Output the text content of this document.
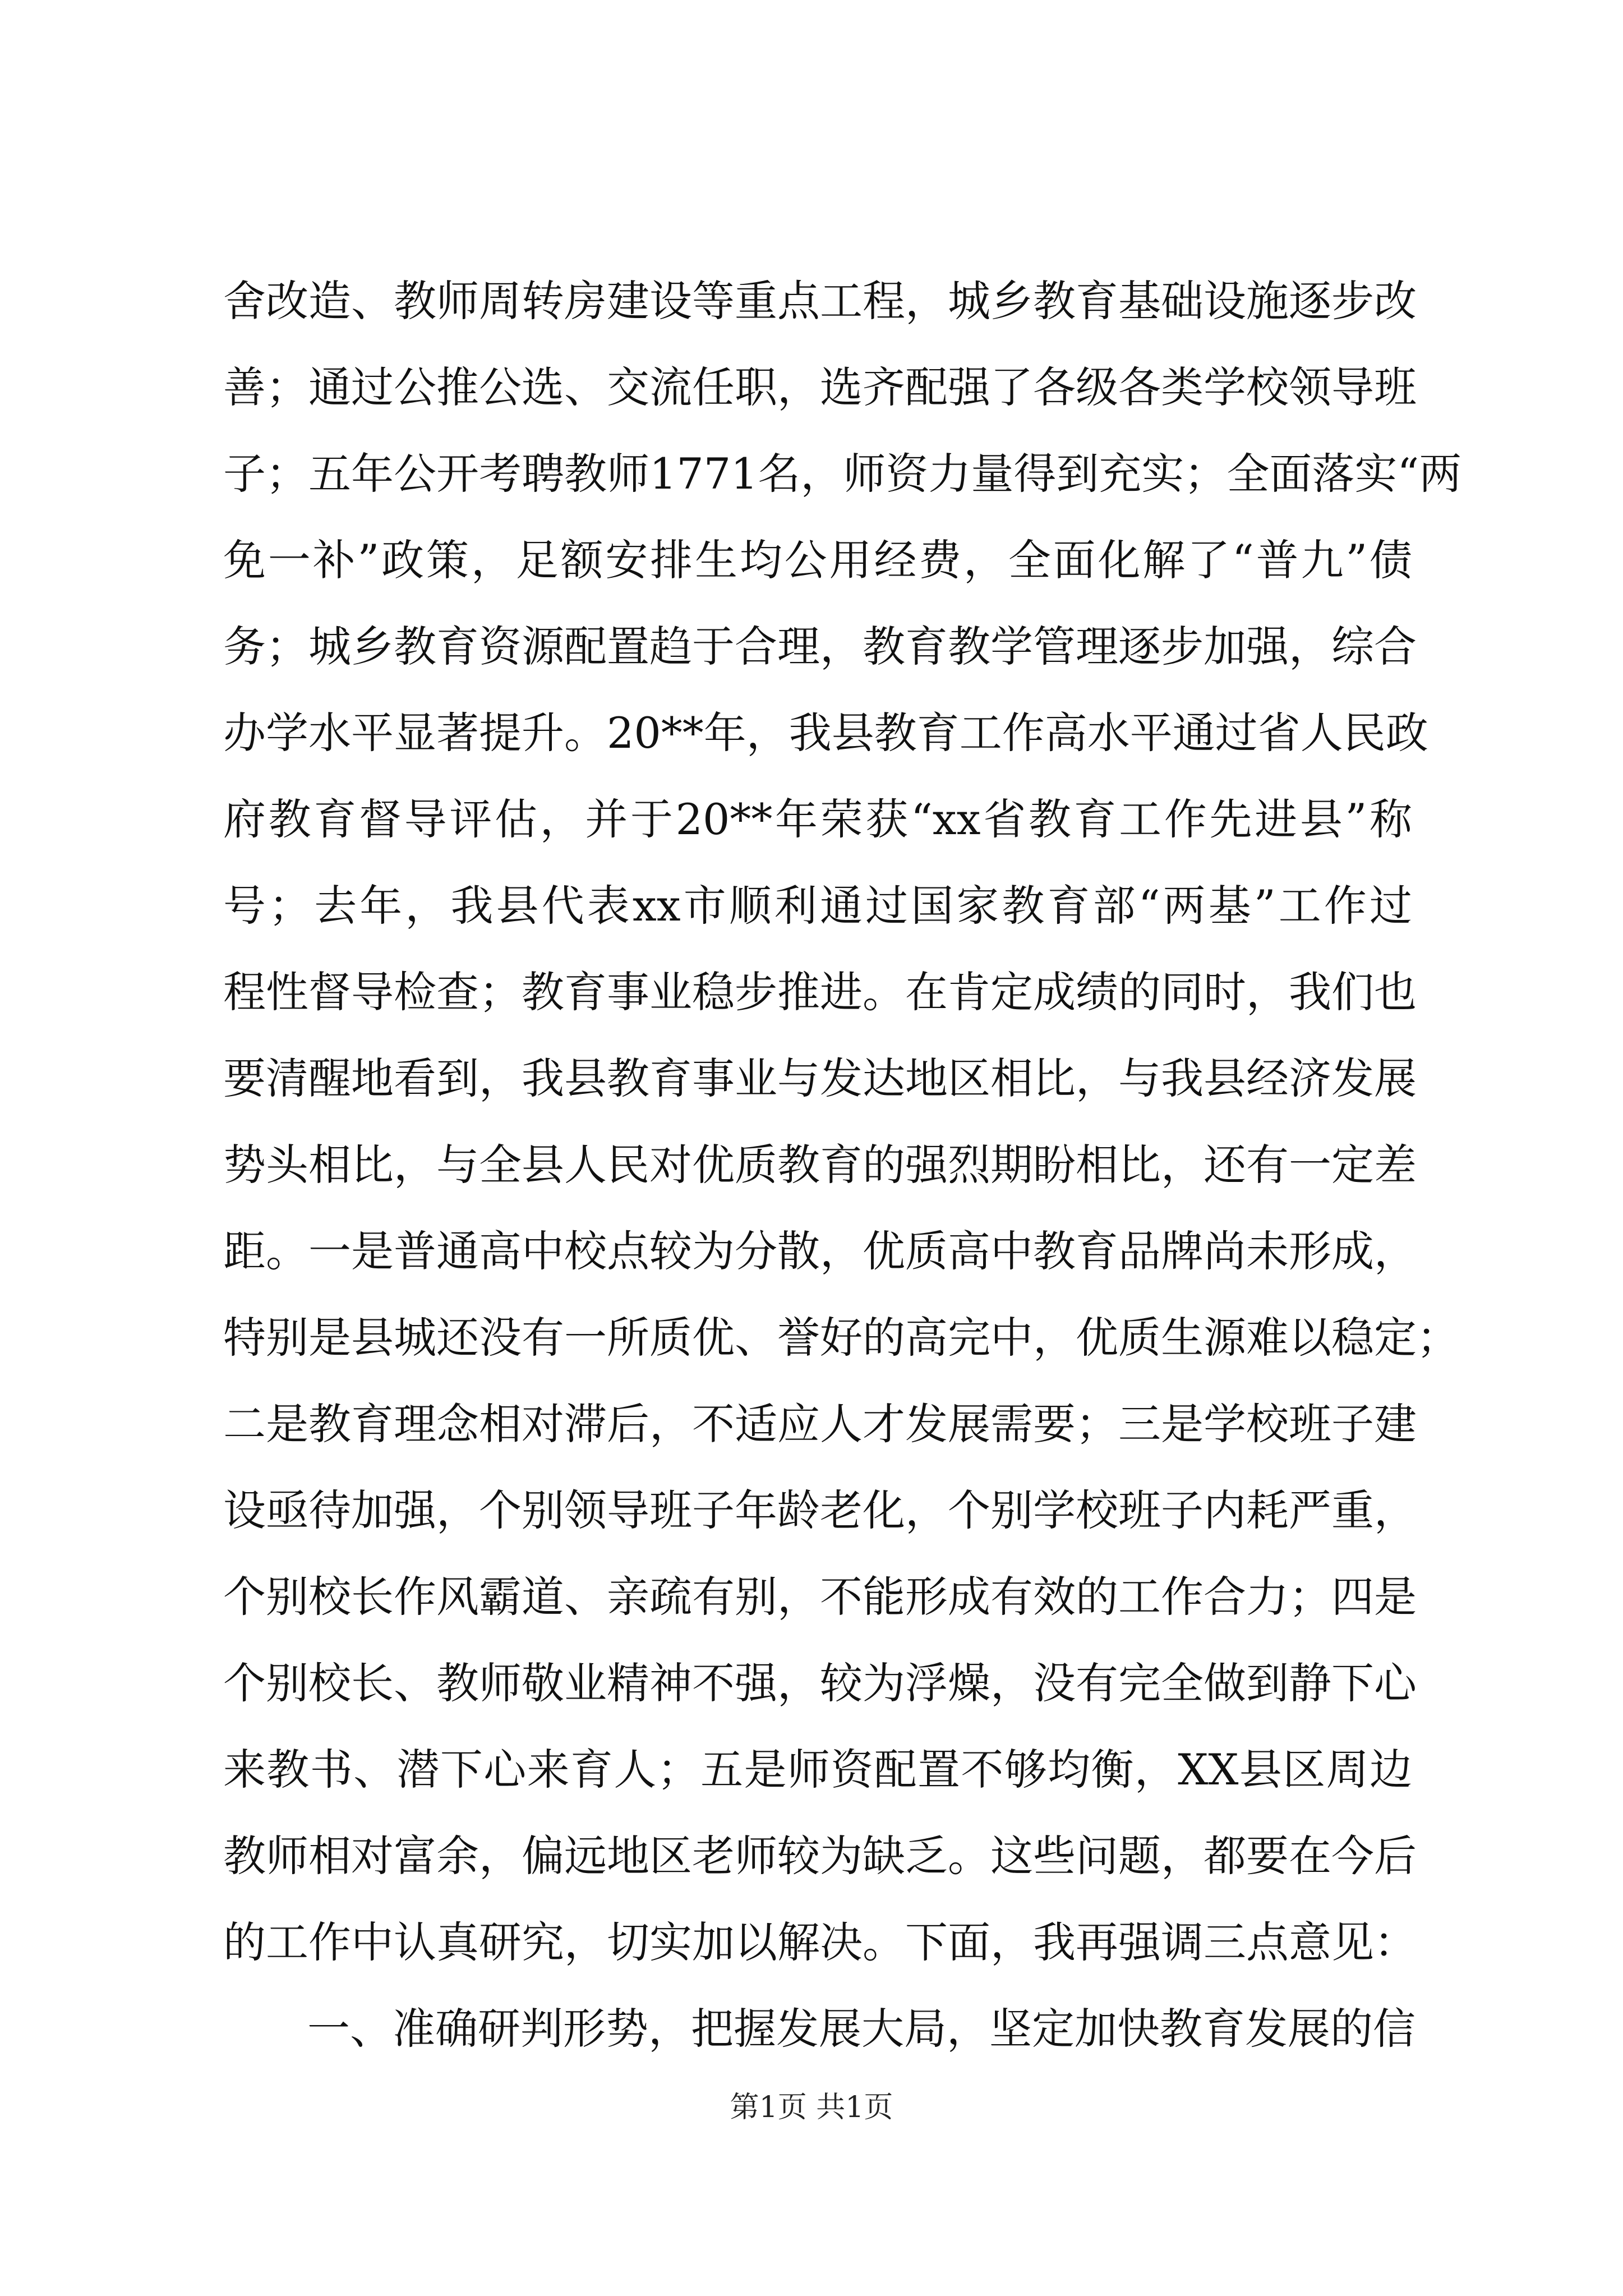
舍改造、教师周转房建设等重点工程，城乡教育基础设施逐步改
善；通过公推公选、交流任职，选齐配强了各级各类学校领导班
子；五年公开考聘教师1771名，师资力量得到充实；全面落实“两
免一补”政策，足额安排生均公用经费，全面化解了“普九”债
务；城乡教育资源配置趋于合理，教育教学管理逐步加强，综合
办学水平显著提升。20**年，我县教育工作高水平通过省人民政
府教育督导评估，并于20**年荣获“xx省教育工作先进县”称
号；去年，我县代表xx市顺利通过国家教育部“两基”工作过
程性督导检查；教育事业稳步推进。在肯定成绩的同时，我们也
要清醒地看到，我县教育事业与发达地区相比，与我县经济发展
势头相比，与全县人民对优质教育的强烈期盼相比，还有一定差
距。一是普通高中校点较为分散，优质高中教育品牌尚未形成，
特别是县城还没有一所质优、誉好的高完中，优质生源难以稳定；
二是教育理念相对滞后，不适应人才发展需要；三是学校班子建
设亟待加强，个别领导班子年龄老化，个别学校班子内耗严重，
个别校长作风霸道、亲疏有别，不能形成有效的工作合力；四是
个别校长、教师敬业精神不强，较为浮燥，没有完全做到静下心
来教书、潜下心来育人；五是师资配置不够均衡，XX县区周边
教师相对富余，偏远地区老师较为缺乏。这些问题，都要在今后
的工作中认真研究，切实加以解决。下面，我再强调三点意见：
一、准确研判形势，把握发展大局，坚定加快教育发展的信
第1页 共1页
